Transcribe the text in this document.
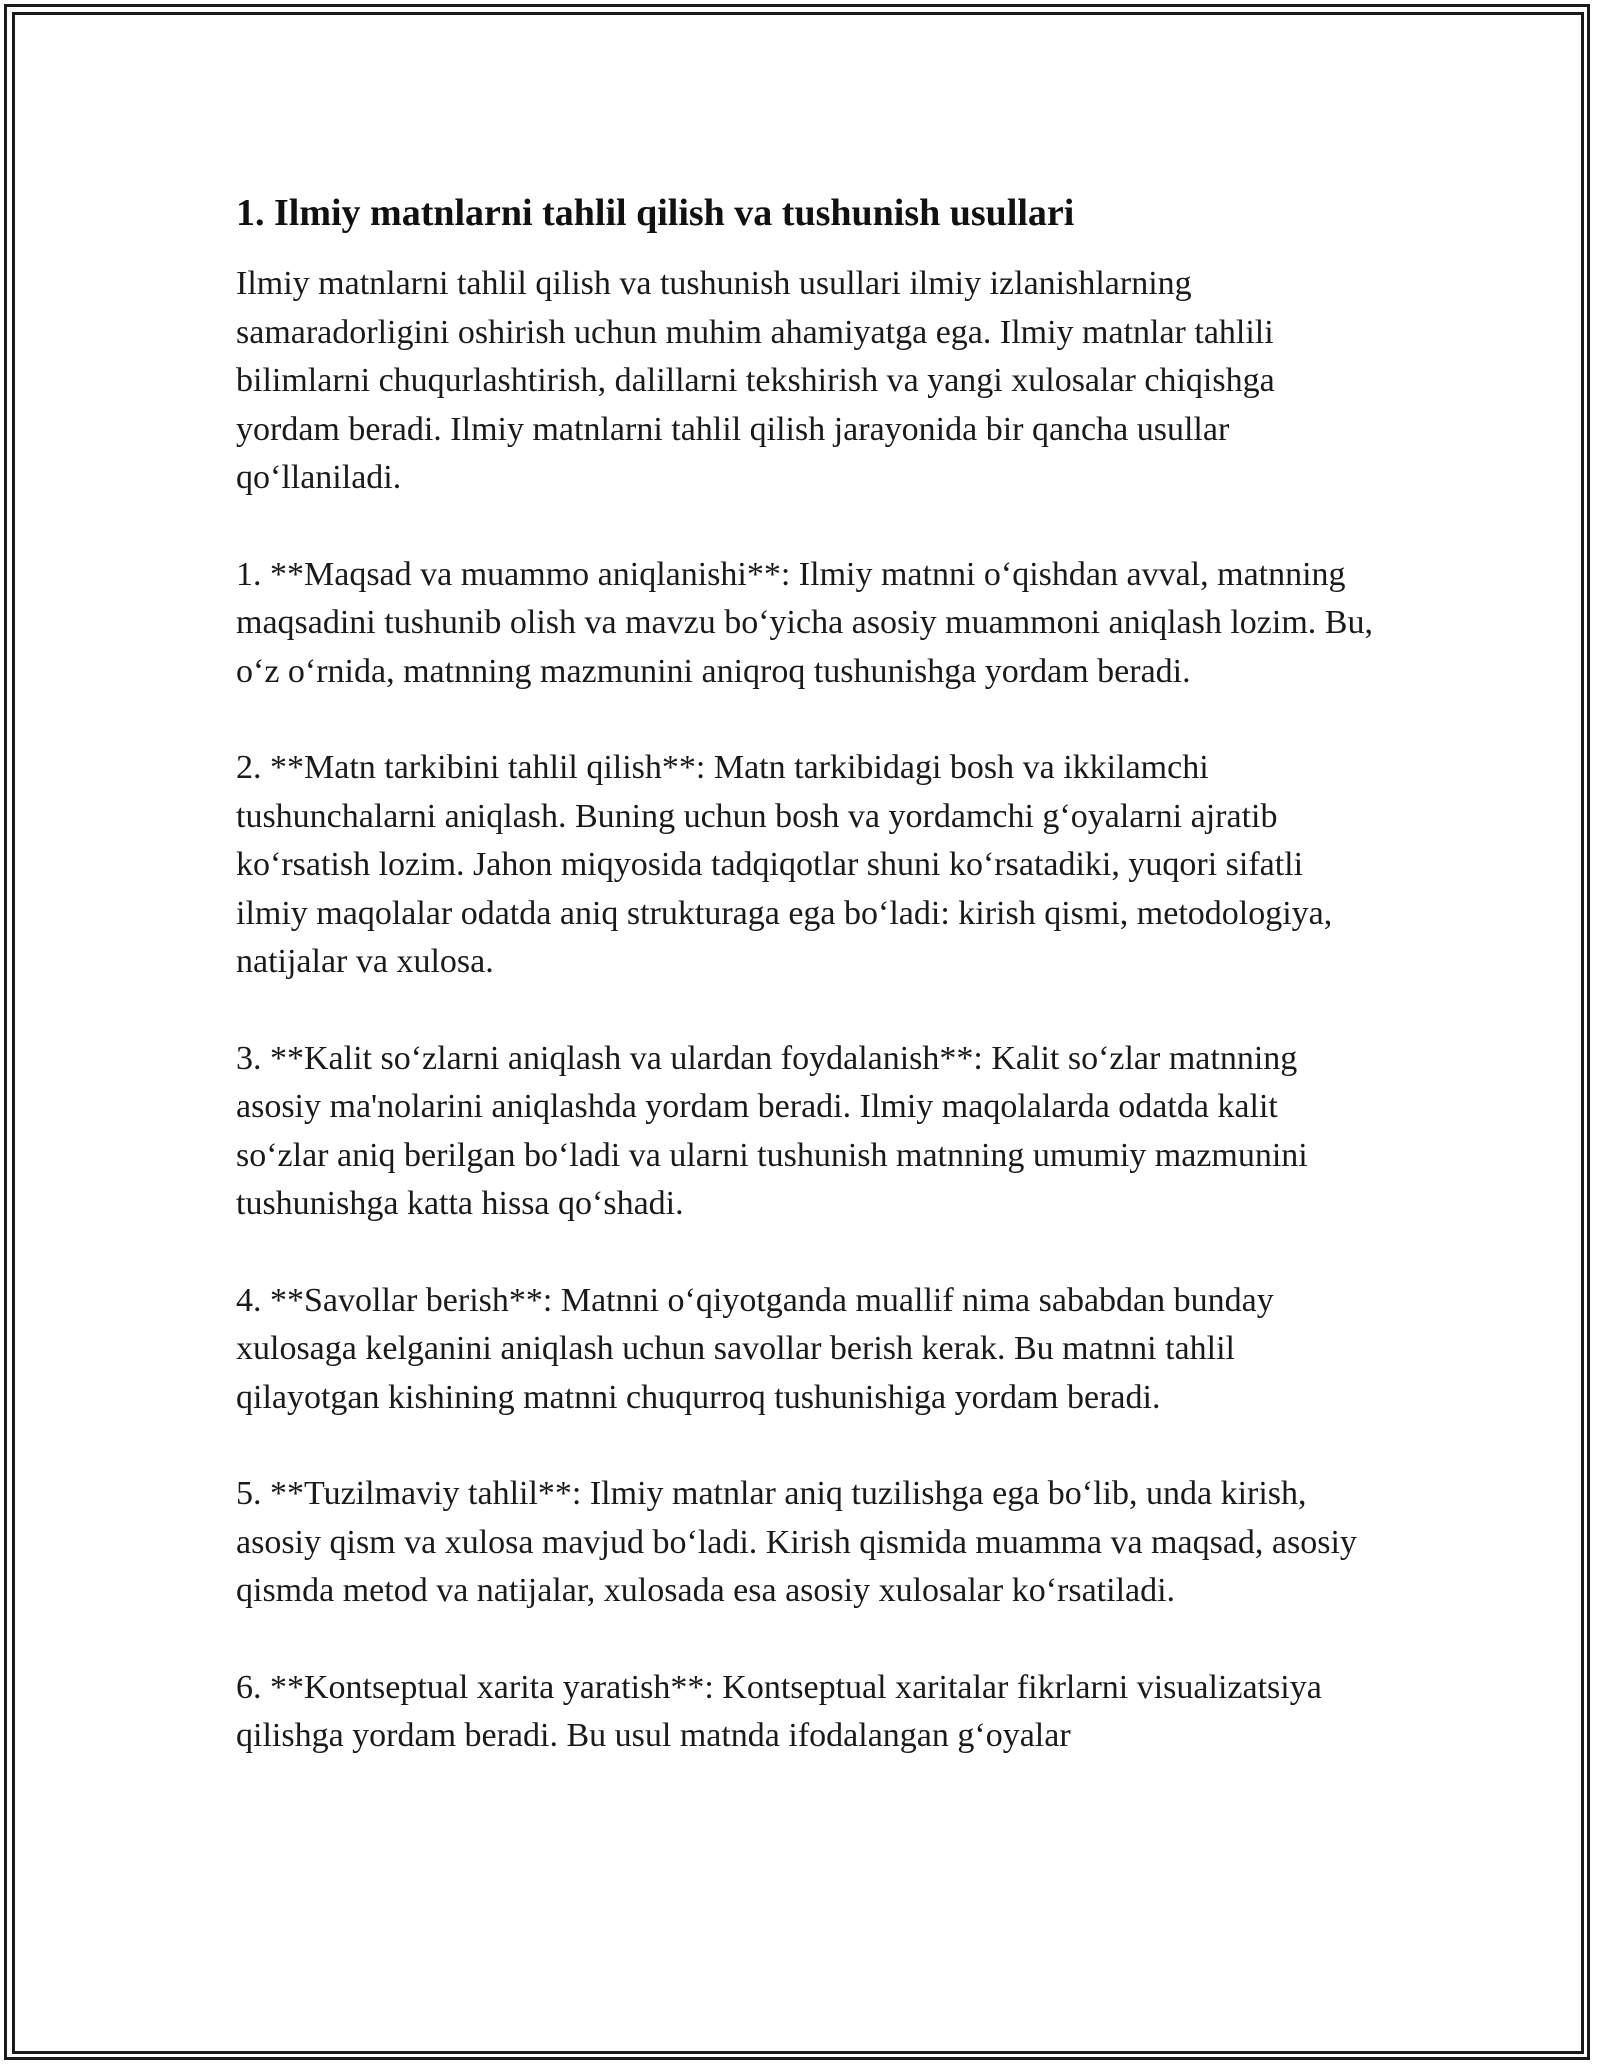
1. Ilmiy matnlarni tahlil qilish va tushunish usullari

Ilmiy matnlarni tahlil qilish va tushunish usullari ilmiy izlanishlarning samaradorligini oshirish uchun muhim ahamiyatga ega. Ilmiy matnlar tahlili bilimlarni chuqurlashtirish, dalillarni tekshirish va yangi xulosalar chiqishga yordam beradi. Ilmiy matnlarni tahlil qilish jarayonida bir qancha usullar qo‘llaniladi.

1. **Maqsad va muammo aniqlanishi**: Ilmiy matnni o‘qishdan avval, matnning maqsadini tushunib olish va mavzu bo‘yicha asosiy muammoni aniqlash lozim. Bu, o‘z o‘rnida, matnning mazmunini aniqroq tushunishga yordam beradi.

2. **Matn tarkibini tahlil qilish**: Matn tarkibidagi bosh va ikkilamchi tushunchalarni aniqlash. Buning uchun bosh va yordamchi g‘oyalarni ajratib ko‘rsatish lozim. Jahon miqyosida tadqiqotlar shuni ko‘rsatadiki, yuqori sifatli ilmiy maqolalar odatda aniq strukturaga ega bo‘ladi: kirish qismi, metodologiya, natijalar va xulosa.

3. **Kalit so‘zlarni aniqlash va ulardan foydalanish**: Kalit so‘zlar matnning asosiy ma'nolarini aniqlashda yordam beradi. Ilmiy maqolalarda odatda kalit so‘zlar aniq berilgan bo‘ladi va ularni tushunish matnning umumiy mazmunini tushunishga katta hissa qo‘shadi.

4. **Savollar berish**: Matnni o‘qiyotganda muallif nima sababdan bunday xulosaga kelganini aniqlash uchun savollar berish kerak. Bu matnni tahlil qilayotgan kishining matnni chuqurroq tushunishiga yordam beradi.

5. **Tuzilmaviy tahlil**: Ilmiy matnlar aniq tuzilishga ega bo‘lib, unda kirish, asosiy qism va xulosa mavjud bo‘ladi. Kirish qismida muamma va maqsad, asosiy qismda metod va natijalar, xulosada esa asosiy xulosalar ko‘rsatiladi.

6. **Kontseptual xarita yaratish**: Kontseptual xaritalar fikrlarni visualizatsiya qilishga yordam beradi. Bu usul matnda ifodalangan g‘oyalar
